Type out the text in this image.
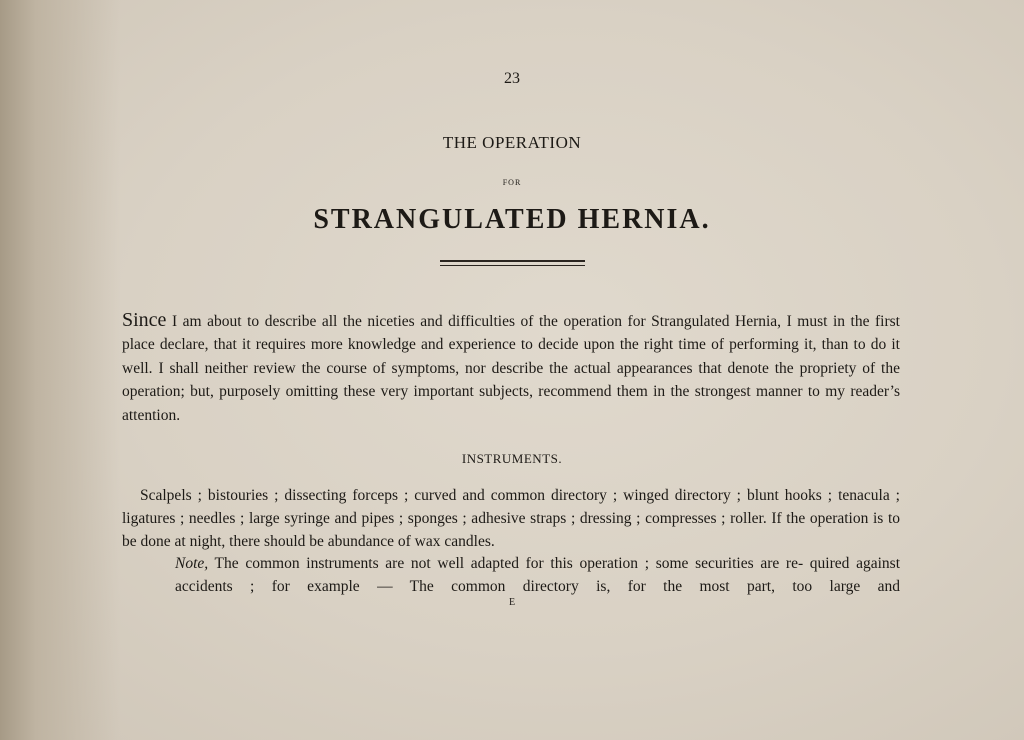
23
THE OPERATION
FOR
STRANGULATED HERNIA.
Since I am about to describe all the niceties and difficulties of the operation for Strangulated Hernia, I must in the first place declare, that it requires more knowledge and experience to decide upon the right time of performing it, than to do it well. I shall neither review the course of symptoms, nor describe the actual appearances that denote the propriety of the operation; but, purposely omitting these very important subjects, recommend them in the strongest manner to my reader’s attention.
INSTRUMENTS.
Scalpels ; bistouries ; dissecting forceps ; curved and common directory ; winged directory ; blunt hooks ; tenacula ; ligatures ; needles ; large syringe and pipes ; sponges ; adhesive straps ; dressing ; compresses ; roller. If the operation is to be done at night, there should be abundance of wax candles.
Note, The common instruments are not well adapted for this operation ; some securities are re- quired against accidents ; for example — The common directory is, for the most part, too large and
E
